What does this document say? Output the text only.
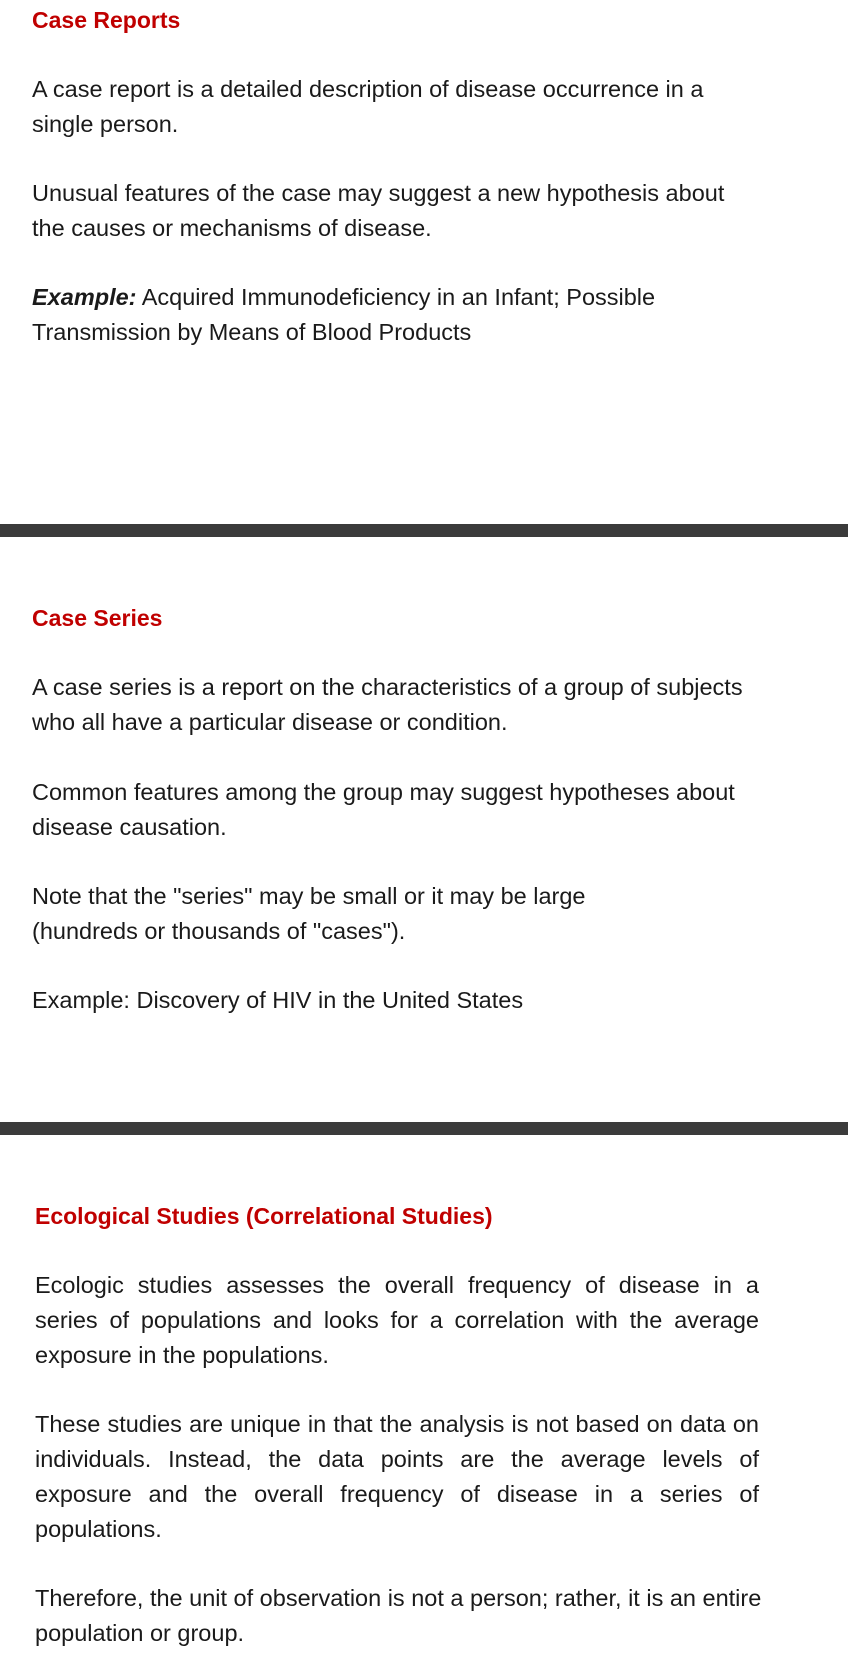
Case Reports

A case report is a detailed description of disease occurrence in a single person.

Unusual features of the case may suggest a new hypothesis about the causes or mechanisms of disease.

Example: Acquired Immunodeficiency in an Infant; Possible Transmission by Means of Blood Products

Case Series

A case series is a report on the characteristics of a group of subjects who all have a particular disease or condition.

Common features among the group may suggest hypotheses about disease causation.

Note that the "series" may be small or it may be large (hundreds or thousands of "cases").

Example: Discovery of HIV in the United States

Ecological Studies (Correlational Studies)

Ecologic studies assesses the overall frequency of disease in a series of populations and looks for a correlation with the average exposure in the populations.

These studies are unique in that the analysis is not based on data on individuals. Instead, the data points are the average levels of exposure and the overall frequency of disease in a series of populations.

Therefore, the unit of observation is not a person; rather, it is an entire population or group.
